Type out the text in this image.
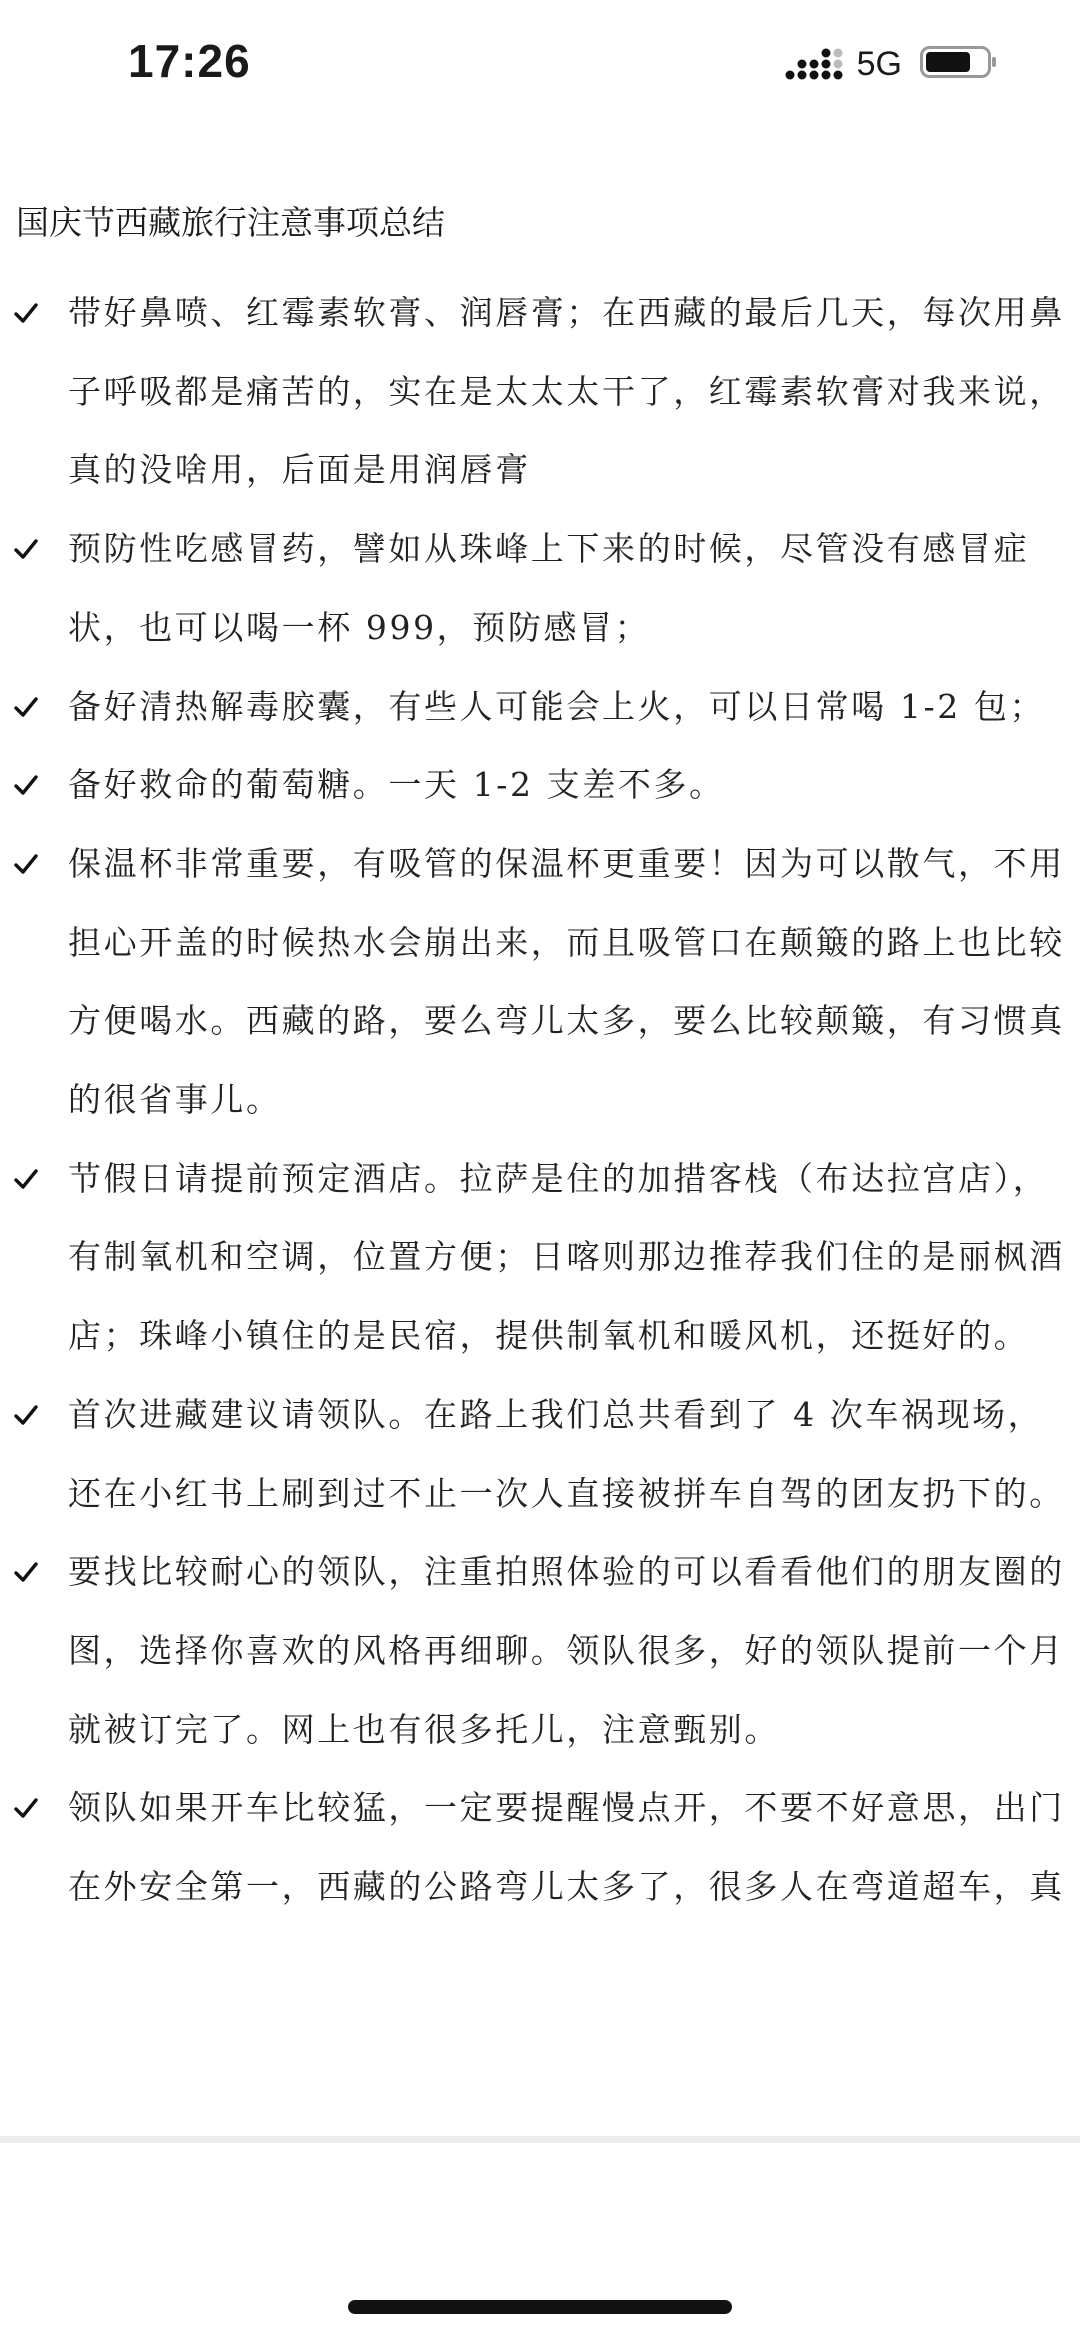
17:26	5G
国庆节西藏旅行注意事项总结
带好鼻喷、红霉素软膏、润唇膏；在西藏的最后几天，每次用鼻子呼吸都是痛苦的，实在是太太太干了，红霉素软膏对我来说，真的没啥用，后面是用润唇膏
预防性吃感冒药，譬如从珠峰上下来的时候，尽管没有感冒症状，也可以喝一杯 999，预防感冒；
备好清热解毒胶囊，有些人可能会上火，可以日常喝 1-2 包；
备好救命的葡萄糖。一天 1-2 支差不多。
保温杯非常重要，有吸管的保温杯更重要！因为可以散气，不用担心开盖的时候热水会崩出来，而且吸管口在颠簸的路上也比较方便喝水。西藏的路，要么弯儿太多，要么比较颠簸，有习惯真的很省事儿。
节假日请提前预定酒店。拉萨是住的加措客栈（布达拉宫店），有制氧机和空调，位置方便；日喀则那边推荐我们住的是丽枫酒店；珠峰小镇住的是民宿，提供制氧机和暖风机，还挺好的。
首次进藏建议请领队。在路上我们总共看到了 4 次车祸现场，还在小红书上刷到过不止一次人直接被拼车自驾的团友扔下的。
要找比较耐心的领队，注重拍照体验的可以看看他们的朋友圈的图，选择你喜欢的风格再细聊。领队很多，好的领队提前一个月就被订完了。网上也有很多托儿，注意甄别。
领队如果开车比较猛，一定要提醒慢点开，不要不好意思，出门在外安全第一，西藏的公路弯儿太多了，很多人在弯道超车，真
